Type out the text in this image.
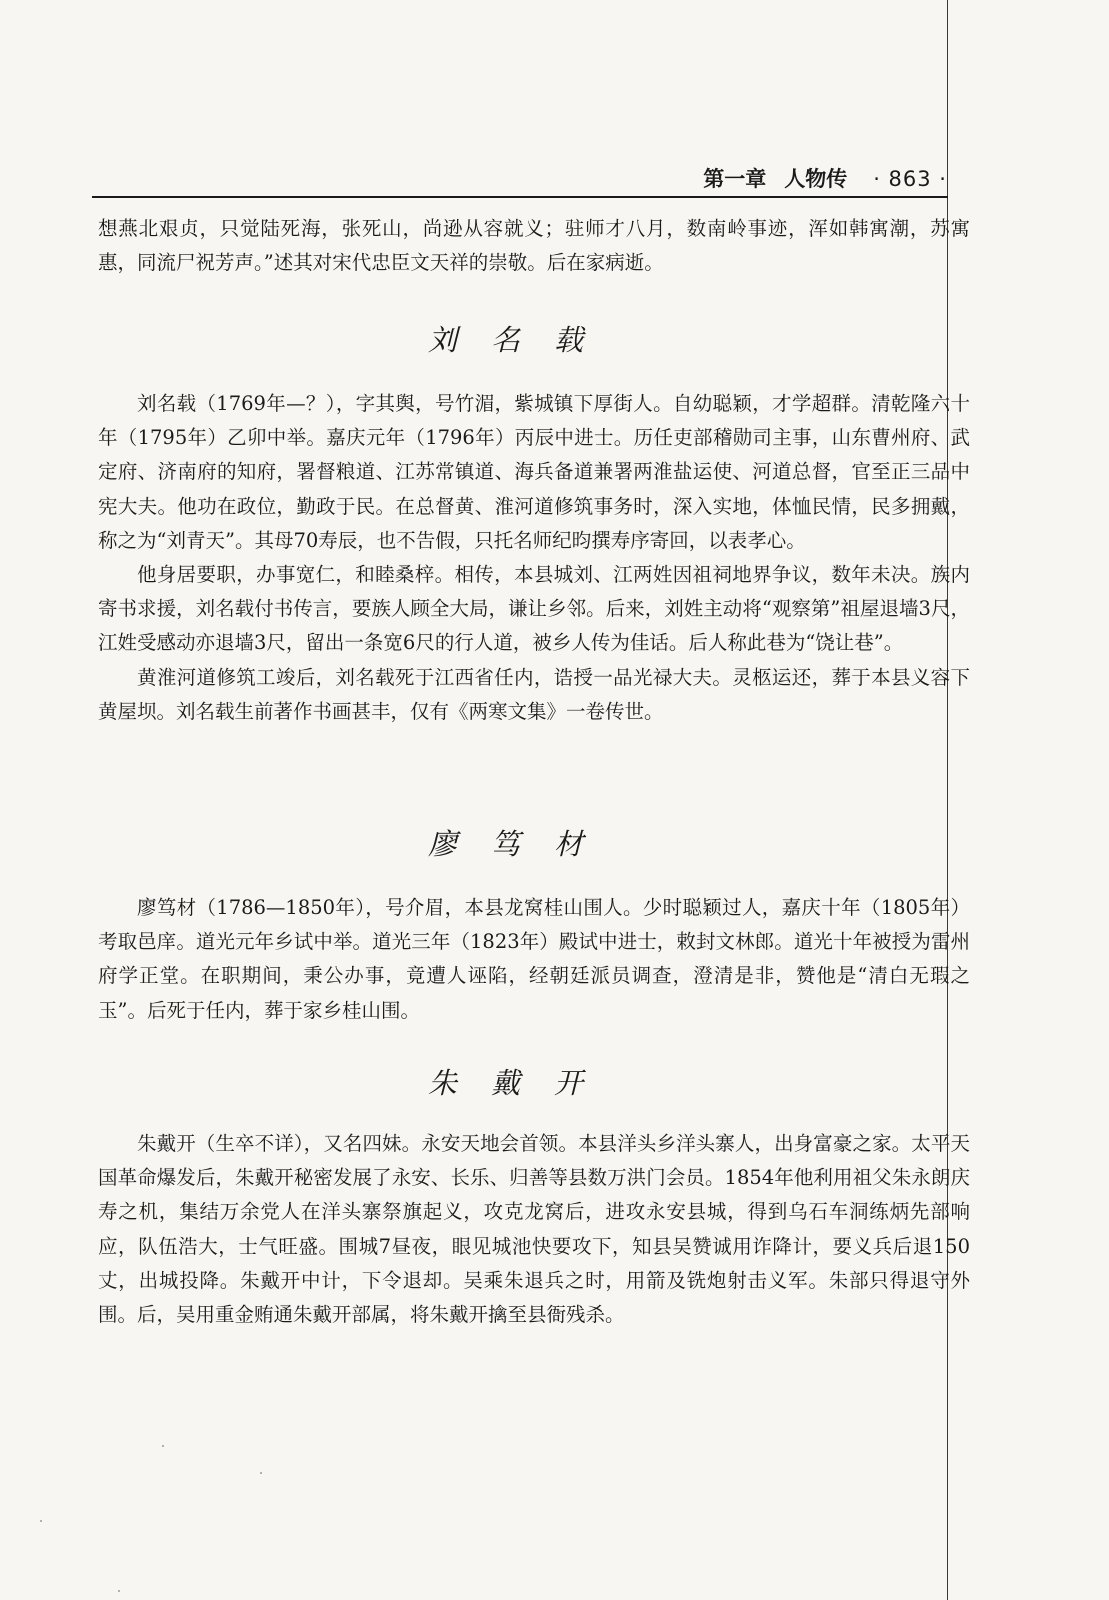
第一章 人物传 · 863 ·

想燕北艰贞，只觉陆死海，张死山，尚逊从容就义；驻师才八月，数南岭事迹，浑如韩寓潮，苏寓惠，同流尸祝芳声。”述其对宋代忠臣文天祥的崇敬。后在家病逝。

刘名载

刘名载（1769年—？），字其舆，号竹湄，紫城镇下厚街人。自幼聪颖，才学超群。清乾隆六十年（1795年）乙卯中举。嘉庆元年（1796年）丙辰中进士。历任吏部稽勋司主事，山东曹州府、武定府、济南府的知府，署督粮道、江苏常镇道、海兵备道兼署两淮盐运使、河道总督，官至正三品中宪大夫。他功在政位，勤政于民。在总督黄、淮河道修筑事务时，深入实地，体恤民情，民多拥戴，称之为“刘青天”。其母70寿辰，也不告假，只托名师纪昀撰寿序寄回，以表孝心。

他身居要职，办事宽仁，和睦桑梓。相传，本县城刘、江两姓因祖祠地界争议，数年未决。族内寄书求援，刘名载付书传言，要族人顾全大局，谦让乡邻。后来，刘姓主动将“观察第”祖屋退墙3尺，江姓受感动亦退墙3尺，留出一条宽6尺的行人道，被乡人传为佳话。后人称此巷为“饶让巷”。

黄淮河道修筑工竣后，刘名载死于江西省任内，诰授一品光禄大夫。灵柩运还，葬于本县义容下黄屋坝。刘名载生前著作书画甚丰，仅有《两寒文集》一卷传世。

廖笃材

廖笃材（1786—1850年），号介眉，本县龙窝桂山围人。少时聪颖过人，嘉庆十年（1805年）考取邑庠。道光元年乡试中举。道光三年（1823年）殿试中进士，敕封文林郎。道光十年被授为雷州府学正堂。在职期间，秉公办事，竟遭人诬陷，经朝廷派员调查，澄清是非，赞他是“清白无瑕之玉”。后死于任内，葬于家乡桂山围。

朱戴开

朱戴开（生卒不详），又名四妹。永安天地会首领。本县洋头乡洋头寨人，出身富豪之家。太平天国革命爆发后，朱戴开秘密发展了永安、长乐、归善等县数万洪门会员。1854年他利用祖父朱永朗庆寿之机，集结万余党人在洋头寨祭旗起义，攻克龙窝后，进攻永安县城，得到乌石车洞练炳先部响应，队伍浩大，士气旺盛。围城7昼夜，眼见城池快要攻下，知县吴赞诚用诈降计，要义兵后退150丈，出城投降。朱戴开中计，下令退却。吴乘朱退兵之时，用箭及铣炮射击义军。朱部只得退守外围。后，吴用重金贿通朱戴开部属，将朱戴开擒至县衙残杀。
